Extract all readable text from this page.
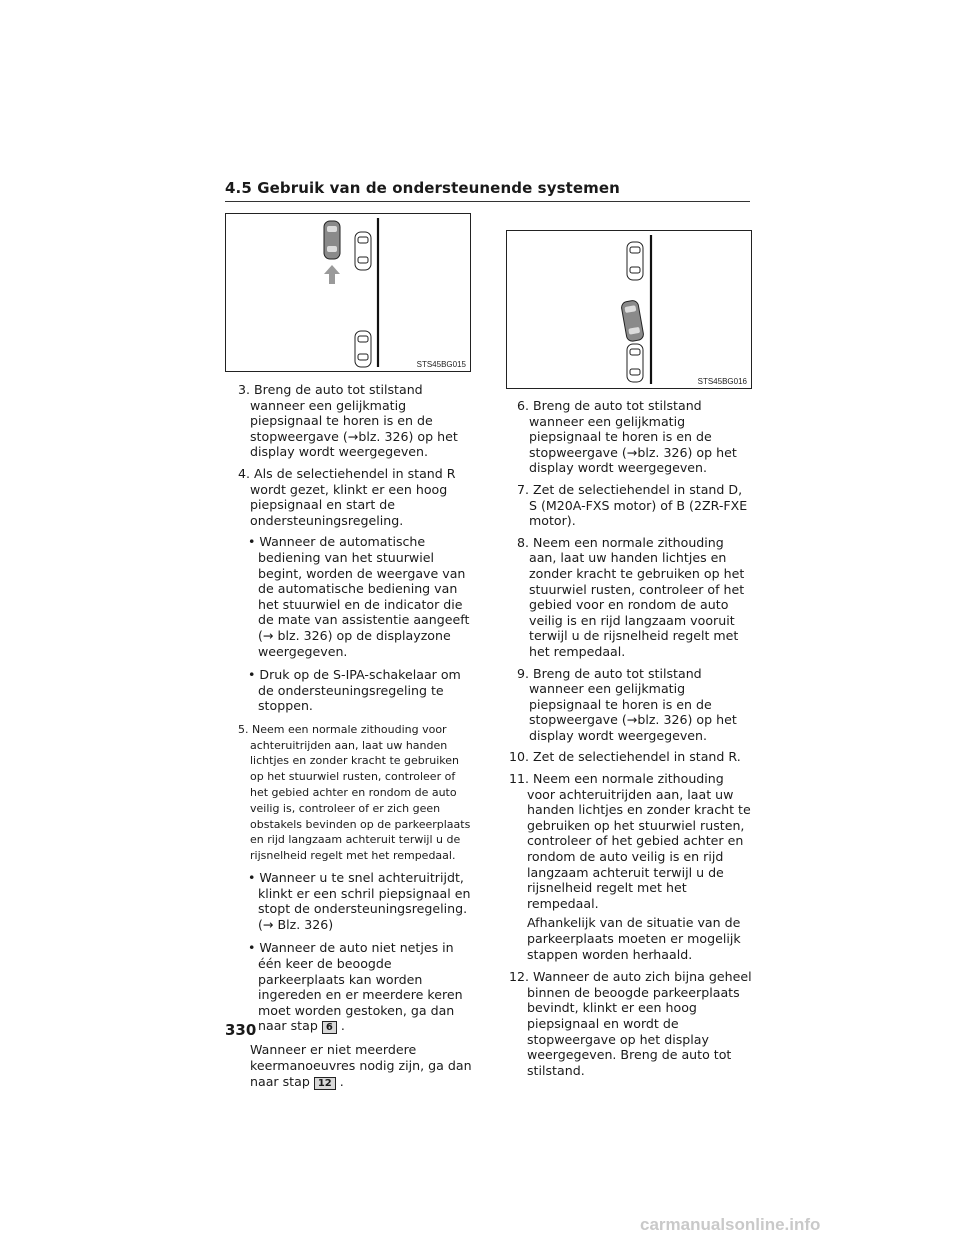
4.5 Gebruik van de ondersteunende systemen
STS45BG015
STS45BG016
3. Breng de auto tot stilstand wanneer een gelijkmatig piepsignaal te horen is en de stopweergave (→blz. 326) op het display wordt weergegeven.
4. Als de selectiehendel in stand R wordt gezet, klinkt er een hoog piepsignaal en start de ondersteuningsregeling.
• Wanneer de automatische bediening van het stuurwiel begint, worden de weergave van de automatische bediening van het stuurwiel en de indicator die de mate van assistentie aangeeft (→ blz. 326) op de displayzone weergegeven.
• Druk op de S-IPA-schakelaar om de ondersteuningsregeling te stoppen.
5. Neem een normale zithouding voor achteruitrijden aan, laat uw handen lichtjes en zonder kracht te gebruiken op het stuurwiel rusten, controleer of het gebied achter en rondom de auto veilig is, controleer of er zich geen obstakels bevinden op de parkeerplaats en rijd langzaam achteruit terwijl u de rijsnelheid regelt met het rempedaal.
• Wanneer u te snel achteruitrijdt, klinkt er een schril piepsignaal en stopt de ondersteuningsregeling. (→ Blz. 326)
• Wanneer de auto niet netjes in één keer de beoogde parkeerplaats kan worden ingereden en er meerdere keren moet worden gestoken, ga dan naar stap 6 .
Wanneer er niet meerdere keermanoeuvres nodig zijn, ga dan naar stap 12 .
6. Breng de auto tot stilstand wanneer een gelijkmatig piepsignaal te horen is en de stopweergave (→blz. 326) op het display wordt weergegeven.
7. Zet de selectiehendel in stand D, S (M20A-FXS motor) of B (2ZR-FXE motor).
8. Neem een normale zithouding aan, laat uw handen lichtjes en zonder kracht te gebruiken op het stuurwiel rusten, controleer of het gebied voor en rondom de auto veilig is en rijd langzaam vooruit terwijl u de rijsnelheid regelt met het rempedaal.
9. Breng de auto tot stilstand wanneer een gelijkmatig piepsignaal te horen is en de stopweergave (→blz. 326) op het display wordt weergegeven.
10. Zet de selectiehendel in stand R.
11. Neem een normale zithouding voor achteruitrijden aan, laat uw handen lichtjes en zonder kracht te gebruiken op het stuurwiel rusten, controleer of het gebied achter en rondom de auto veilig is en rijd langzaam achteruit terwijl u de rijsnelheid regelt met het rempedaal.
Afhankelijk van de situatie van de parkeerplaats moeten er mogelijk stappen worden herhaald.
12. Wanneer de auto zich bijna geheel binnen de beoogde parkeerplaats bevindt, klinkt er een hoog piepsignaal en wordt de stopweergave op het display weergegeven. Breng de auto tot stilstand.
330
carmanualsonline.info
